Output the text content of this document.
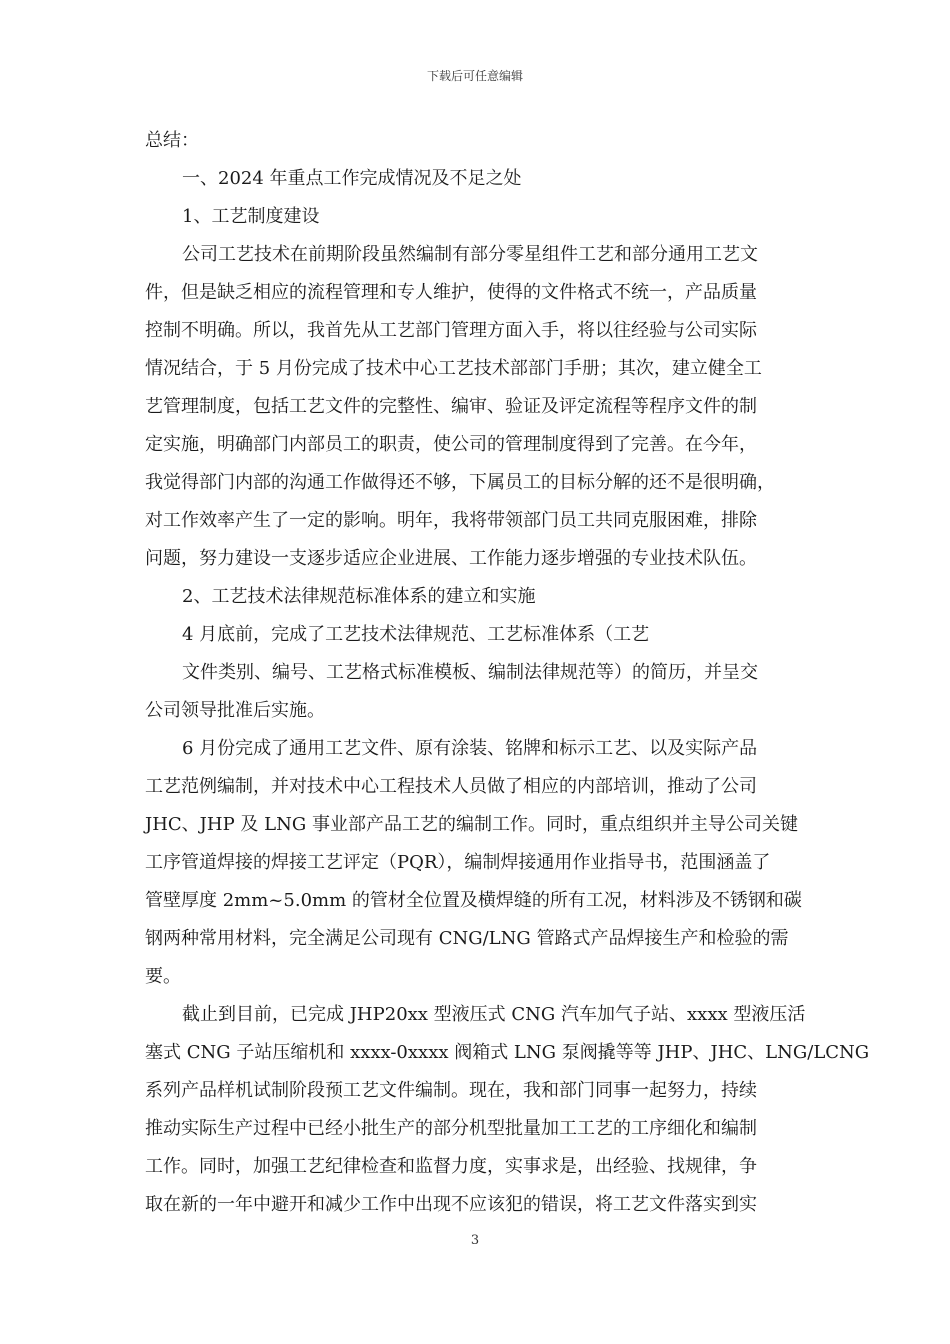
下载后可任意编辑
总结：
一、2024 年重点工作完成情况及不足之处
1、工艺制度建设
公司工艺技术在前期阶段虽然编制有部分零星组件工艺和部分通用工艺文
件，但是缺乏相应的流程管理和专人维护，使得的文件格式不统一，产品质量
控制不明确。所以，我首先从工艺部门管理方面入手，将以往经验与公司实际
情况结合，于 5 月份完成了技术中心工艺技术部部门手册；其次，建立健全工
艺管理制度，包括工艺文件的完整性、编审、验证及评定流程等程序文件的制
定实施，明确部门内部员工的职责，使公司的管理制度得到了完善。在今年，
我觉得部门内部的沟通工作做得还不够，下属员工的目标分解的还不是很明确，
对工作效率产生了一定的影响。明年，我将带领部门员工共同克服困难，排除
问题，努力建设一支逐步适应企业进展、工作能力逐步增强的专业技术队伍。
2、工艺技术法律规范标准体系的建立和实施
4 月底前，完成了工艺技术法律规范、工艺标准体系（工艺
文件类别、编号、工艺格式标准模板、编制法律规范等）的简历，并呈交
公司领导批准后实施。
6 月份完成了通用工艺文件、原有涂装、铭牌和标示工艺、以及实际产品
工艺范例编制，并对技术中心工程技术人员做了相应的内部培训，推动了公司
JHC、JHP 及 LNG 事业部产品工艺的编制工作。同时，重点组织并主导公司关键
工序管道焊接的焊接工艺评定（PQR），编制焊接通用作业指导书，范围涵盖了
管壁厚度 2mm~5.0mm 的管材全位置及横焊缝的所有工况，材料涉及不锈钢和碳
钢两种常用材料，完全满足公司现有 CNG/LNG 管路式产品焊接生产和检验的需
要。
截止到目前，已完成 JHP20xx 型液压式 CNG 汽车加气子站、xxxx 型液压活
塞式 CNG 子站压缩机和 xxxx-0xxxx 阀箱式 LNG 泵阀撬等等 JHP、JHC、LNG/LCNG
系列产品样机试制阶段预工艺文件编制。现在，我和部门同事一起努力，持续
推动实际生产过程中已经小批生产的部分机型批量加工工艺的工序细化和编制
工作。同时，加强工艺纪律检查和监督力度，实事求是，出经验、找规律，争
取在新的一年中避开和减少工作中出现不应该犯的错误，将工艺文件落实到实
3
